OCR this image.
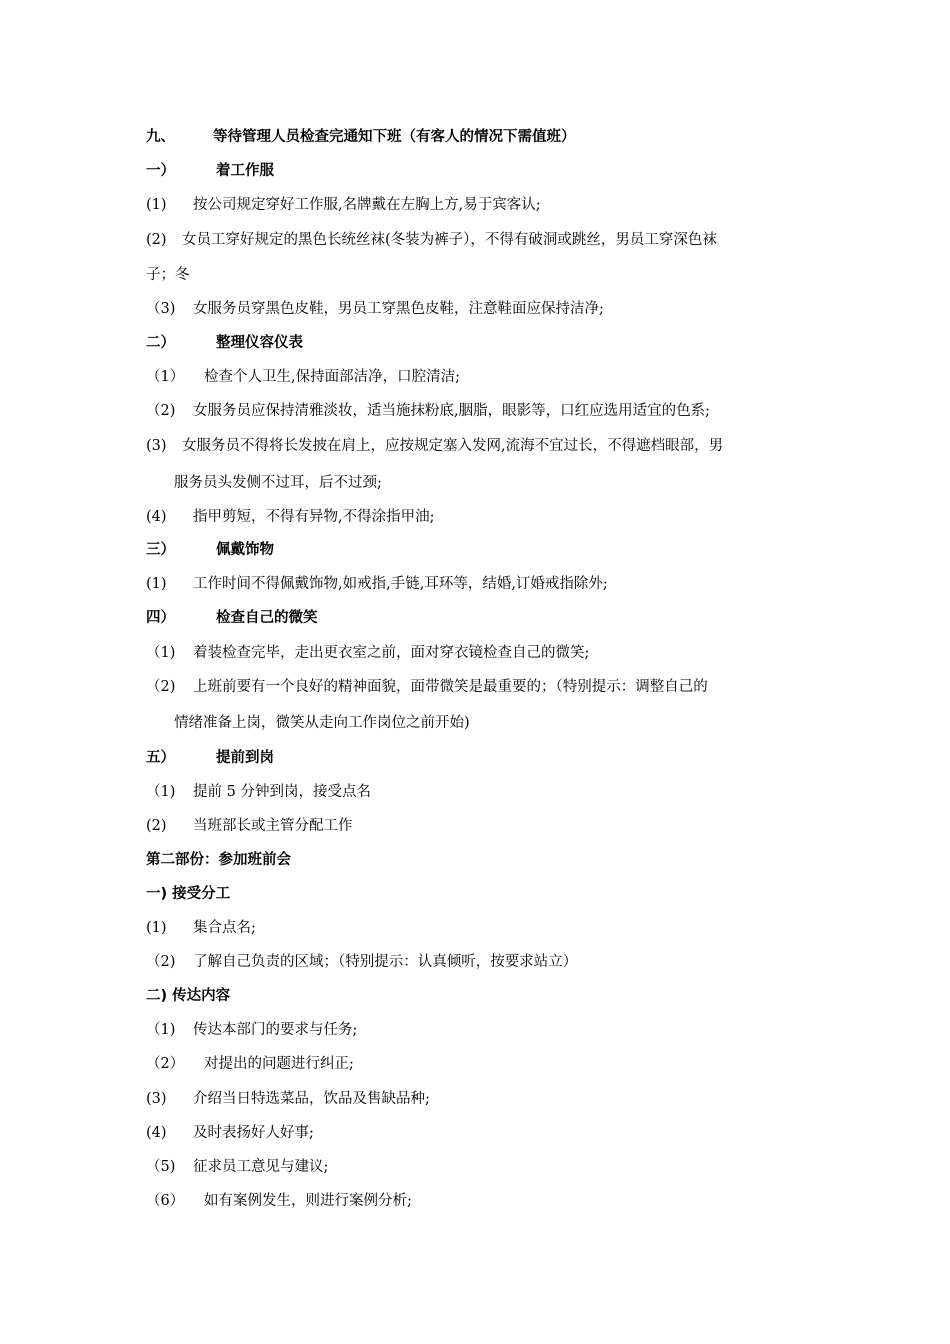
九、	等待管理人员检查完通知下班（有客人的情况下需值班）
一）	着工作服
(1) 按公司规定穿好工作服,名牌戴在左胸上方,易于宾客认;
(2) 女员工穿好规定的黑色长统丝袜(冬装为裤子），不得有破洞或跳丝，男员工穿深色袜
子；冬
（3) 女服务员穿黑色皮鞋，男员工穿黑色皮鞋，注意鞋面应保持洁净;
二）	整理仪容仪表
（1） 检查个人卫生,保持面部洁净，口腔清洁;
（2) 女服务员应保持清雅淡妆，适当施抹粉底,胭脂，眼影等，口红应选用适宜的色系;
(3) 女服务员不得将长发披在肩上，应按规定塞入发网,流海不宜过长，不得遮档眼部，男
服务员头发侧不过耳，后不过颈;
(4) 指甲剪短，不得有异物,不得涂指甲油;
三）	佩戴饰物
(1) 工作时间不得佩戴饰物,如戒指,手链,耳环等，结婚,订婚戒指除外;
四）	检查自己的微笑
（1) 着装检查完毕，走出更衣室之前，面对穿衣镜检查自己的微笑;
（2) 上班前要有一个良好的精神面貌，面带微笑是最重要的；（特别提示：调整自己的
情绪准备上岗，微笑从走向工作岗位之前开始)
五）	提前到岗
（1) 提前 5 分钟到岗，接受点名
(2) 当班部长或主管分配工作
第二部份：参加班前会
一) 接受分工
(1) 集合点名;
（2) 了解自己负责的区域；（特别提示：认真倾听，按要求站立）
二) 传达内容
（1) 传达本部门的要求与任务;
（2） 对提出的问题进行纠正;
(3) 介绍当日特选菜品，饮品及售缺品种;
(4) 及时表扬好人好事;
（5) 征求员工意见与建议;
（6） 如有案例发生，则进行案例分析;
